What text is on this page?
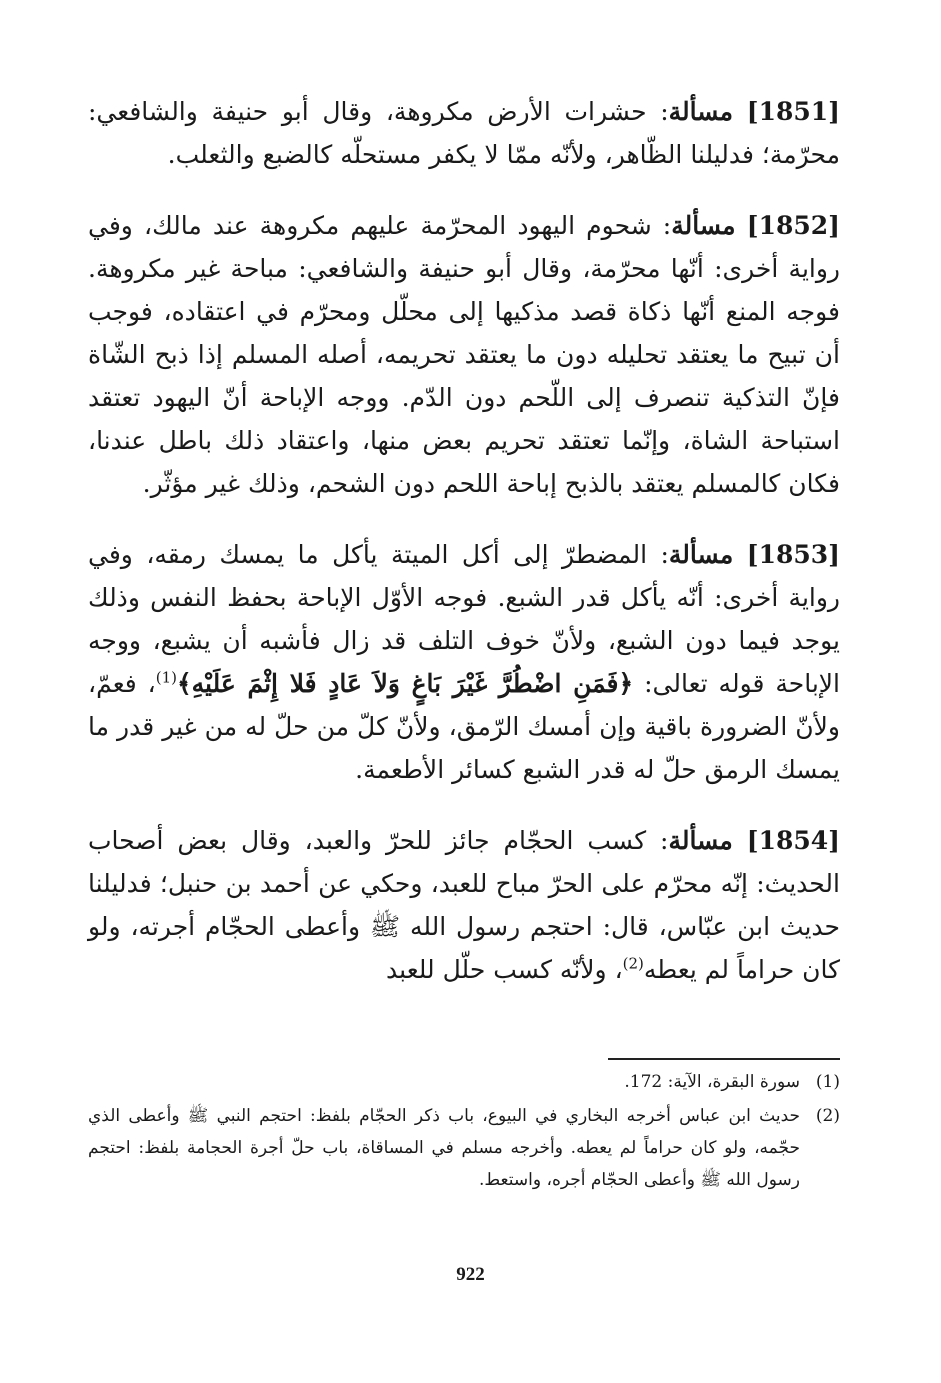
[1851] مسألة: حشرات الأرض مكروهة، وقال أبو حنيفة والشافعي: محرّمة؛ فدليلنا الظّاهر، ولأنّه ممّا لا يكفر مستحلّه كالضبع والثعلب.

[1852] مسألة: شحوم اليهود المحرّمة عليهم مكروهة عند مالك، وفي رواية أخرى: أنّها محرّمة، وقال أبو حنيفة والشافعي: مباحة غير مكروهة. فوجه المنع أنّها ذكاة قصد مذكيها إلى محلّل ومحرّم في اعتقاده، فوجب أن تبيح ما يعتقد تحليله دون ما يعتقد تحريمه، أصله المسلم إذا ذبح الشّاة فإنّ التذكية تنصرف إلى اللّحم دون الدّم. ووجه الإباحة أنّ اليهود تعتقد استباحة الشاة، وإنّما تعتقد تحريم بعض منها، واعتقاد ذلك باطل عندنا، فكان كالمسلم يعتقد بالذبح إباحة اللحم دون الشحم، وذلك غير مؤثّر.

[1853] مسألة: المضطرّ إلى أكل الميتة يأكل ما يمسك رمقه، وفي رواية أخرى: أنّه يأكل قدر الشبع. فوجه الأوّل الإباحة بحفظ النفس وذلك يوجد فيما دون الشبع، ولأنّ خوف التلف قد زال فأشبه أن يشبع، ووجه الإباحة قوله تعالى: ﴿فَمَنِ اضْطُرَّ غَيْرَ بَاغٍ وَلاَ عَادٍ فَلا إِثْمَ عَلَيْهِ﴾$^{(1)}$، فعمّ، ولأنّ الضرورة باقية وإن أمسك الرّمق، ولأنّ كلّ من حلّ له من غير قدر ما يمسك الرمق حلّ له قدر الشبع كسائر الأطعمة.

[1854] مسألة: كسب الحجّام جائز للحرّ والعبد، وقال بعض أصحاب الحديث: إنّه محرّم على الحرّ مباح للعبد، وحكي عن أحمد بن حنبل؛ فدليلنا حديث ابن عبّاس، قال: احتجم رسول الله ﷺ وأعطى الحجّام أجرته، ولو كان حراماً لم يعطه$^{(2)}$، ولأنّه كسب حلّل للعبد

(1)
سورة البقرة، الآية: 172.
(2)
حديث ابن عباس أخرجه البخاري في البيوع، باب ذكر الحجّام بلفظ: احتجم النبي ﷺ وأعطى الذي حجّمه، ولو كان حراماً لم يعطه. وأخرجه مسلم في المساقاة، باب حلّ أجرة الحجامة بلفظ: احتجم رسول الله ﷺ وأعطى الحجّام أجره، واستعط.
922
